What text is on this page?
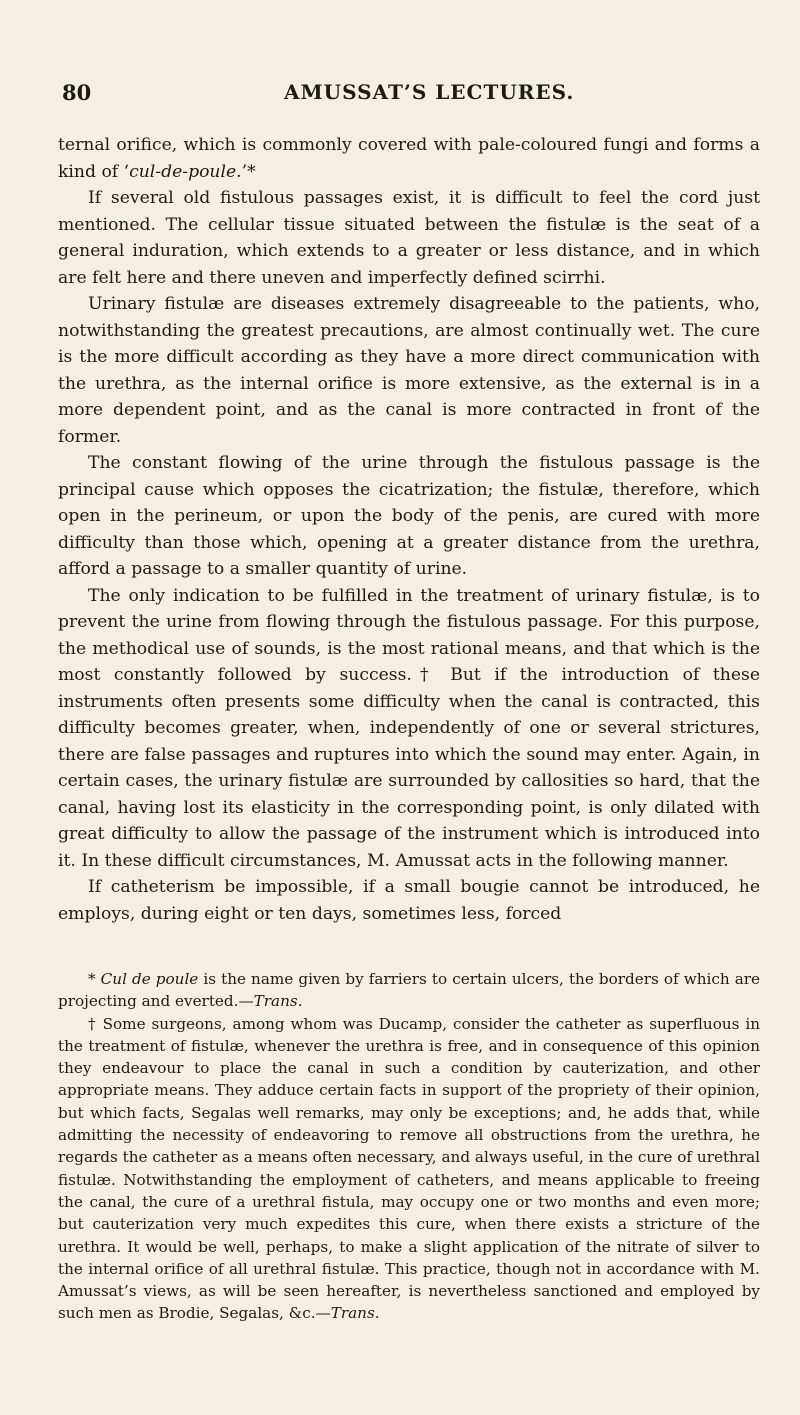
80	AMUSSAT’S LECTURES.

ternal orifice, which is commonly covered with pale-coloured fungi and forms a kind of ‘cul-de-poule.’*

If several old fistulous passages exist, it is difficult to feel the cord just mentioned. The cellular tissue situated between the fistulæ is the seat of a general induration, which extends to a greater or less distance, and in which are felt here and there uneven and imperfectly defined scirrhi.

Urinary fistulæ are diseases extremely disagreeable to the patients, who, notwithstanding the greatest precautions, are almost continually wet. The cure is the more difficult according as they have a more direct communication with the urethra, as the internal orifice is more extensive, as the external is in a more dependent point, and as the canal is more contracted in front of the former.

The constant flowing of the urine through the fistulous passage is the principal cause which opposes the cicatrization; the fistulæ, therefore, which open in the perineum, or upon the body of the penis, are cured with more difficulty than those which, opening at a greater distance from the urethra, afford a passage to a smaller quantity of urine.

The only indication to be fulfilled in the treatment of urinary fistulæ, is to prevent the urine from flowing through the fistulous passage. For this purpose, the methodical use of sounds, is the most rational means, and that which is the most constantly followed by success.† But if the introduction of these instruments often presents some difficulty when the canal is contracted, this difficulty becomes greater, when, independently of one or several strictures, there are false passages and ruptures into which the sound may enter. Again, in certain cases, the urinary fistulæ are surrounded by callosities so hard, that the canal, having lost its elasticity in the corresponding point, is only dilated with great difficulty to allow the passage of the instrument which is introduced into it. In these difficult circumstances, M. Amussat acts in the following manner.

If catheterism be impossible, if a small bougie cannot be introduced, he employs, during eight or ten days, sometimes less, forced

* Cul de poule is the name given by farriers to certain ulcers, the borders of which are projecting and everted.—Trans.

† Some surgeons, among whom was Ducamp, consider the catheter as superfluous in the treatment of fistulæ, whenever the urethra is free, and in consequence of this opinion they endeavour to place the canal in such a condition by cauterization, and other appropriate means. They adduce certain facts in support of the propriety of their opinion, but which facts, Segalas well remarks, may only be exceptions; and, he adds that, while admitting the necessity of endeavoring to remove all obstructions from the urethra, he regards the catheter as a means often necessary, and always useful, in the cure of urethral fistulæ. Notwithstanding the employment of catheters, and means applicable to freeing the canal, the cure of a urethral fistula, may occupy one or two months and even more; but cauterization very much expedites this cure, when there exists a stricture of the urethra. It would be well, perhaps, to make a slight application of the nitrate of silver to the internal orifice of all urethral fistulæ. This practice, though not in accordance with M. Amussat’s views, as will be seen hereafter, is nevertheless sanctioned and employed by such men as Brodie, Segalas, &c.—Trans.
